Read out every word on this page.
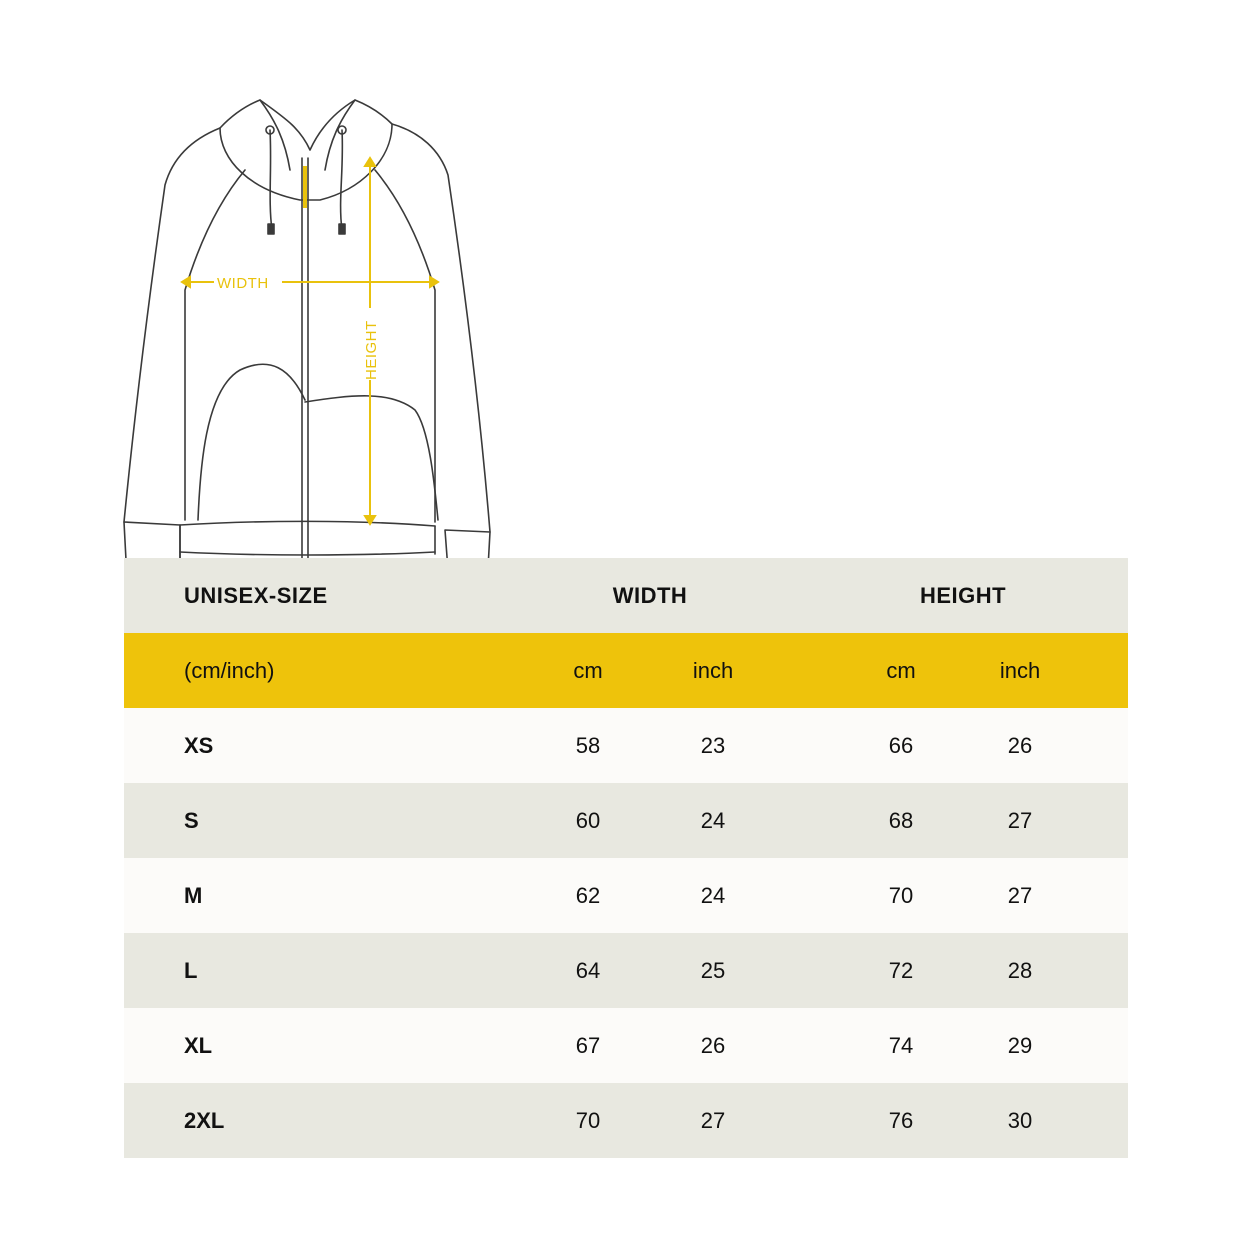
WIDTH
HEIGHT
UNISEX-SIZE	WIDTH	HEIGHT
(cm/inch)	cm	inch	cm	inch
XS	58	23	66	26
S	60	24	68	27
M	62	24	70	27
L	64	25	72	28
XL	67	26	74	29
2XL	70	27	76	30
